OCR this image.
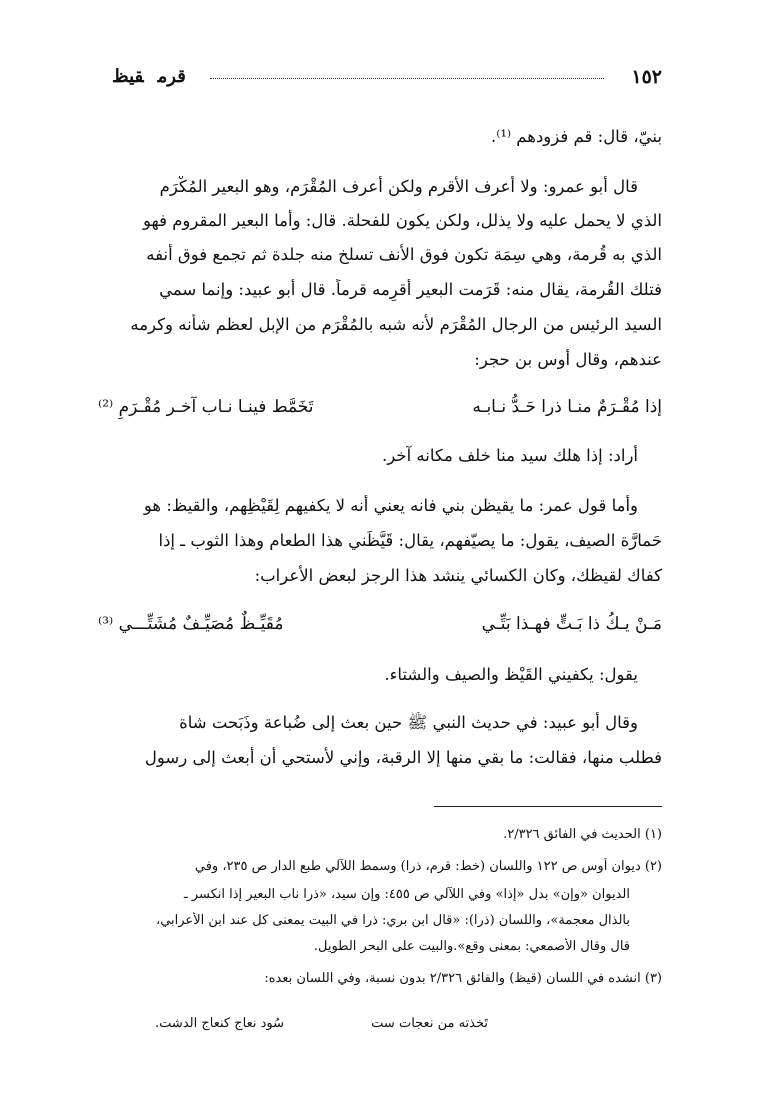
١٥٢
قرمقيظ
بنيّ، قال: قم فزودهم ⁽¹⁾.
قال أبو عمرو: ولا أعرف الأقرم ولكن أعرف المُقْرَم، وهو البعير المُكْرَم
الذي لا يحمل عليه ولا يذلل، ولكن يكون للفحلة. قال: وأما البعير المقروم فهو
الذي به قُرمة، وهي سِمَة تكون فوق الأنف تسلخ منه جلدة ثم تجمع فوق أنفه
فتلك القُرمة، يقال منه: قَرَمت البعير أقرِمه قرماً. قال أبو عبيد: وإنما سمي
السيد الرئيس من الرجال المُقْرَم لأنه شبه بالمُقْرَم من الإبل لعظم شأنه وكرمه
عندهم، وقال أوس بن حجر:
إذا مُقْـرَمٌ منـا ذرا حَـدُّ نـابـه
تَخَمَّط فينـا نـاب آخـر مُقْـرَمِ ⁽²⁾
أراد: إذا هلك سيد منا خلف مكانه آخر.
وأما قول عمر: ما يقيظن بني فانه يعني أنه لا يكفيهم لِقَيْظِهم، والقيظ: هو
حَمارَّة الصيف، يقول: ما يصيّفهم، يقال: قَيَّظَني هذا الطعام وهذا الثوب ـ إذا
كفاك لقيظك، وكان الكسائي ينشد هذا الرجز لبعض الأعراب:
مَـنْ يـكُ ذا بَـتٍّ فهـذا بَتِّـي
مُقَيِّـظٌ مُصَيِّـفٌ مُشَتِّـــي ⁽³⁾
يقول: يكفيني القَيْظ والصيف والشتاء.
وقال أبو عبيد: في حديث النبي ﷺ حين بعث إلى ضُباعة وذَبَحت شاة
فطلب منها، فقالت: ما بقي منها إلا الرقبة، وإني لأستحي أن أبعث إلى رسول
(١) الحديث في الفائق ٢/٣٢٦.
(٢) ديوان أوس ص ١٢٢ واللسان (خط: قرم، ذرا) وسمط اللآلي طبع الدار ص ٢٣٥، وفي
الديوان «وإن» بدل «إذا» وفي اللآلي ص ٤٥٥: وإن سيد، «ذرا ناب البعير إذا انكسر ـ
بالذال معجمة»، واللسان (ذرا): «قال ابن بري: ذرا في البيت يمعنى كل عند ابن الأعرابي،
قال وقال الأصمعي: بمعنى وقع».والبيت على البحر الطويل.
(٣) انشده في اللسان (قيظ) والفائق ٢/٣٢٦ بدون نسبة، وفي اللسان بعده:
تَخذته من نعجات ست
سُود نعاج كنعاج الدشت.
